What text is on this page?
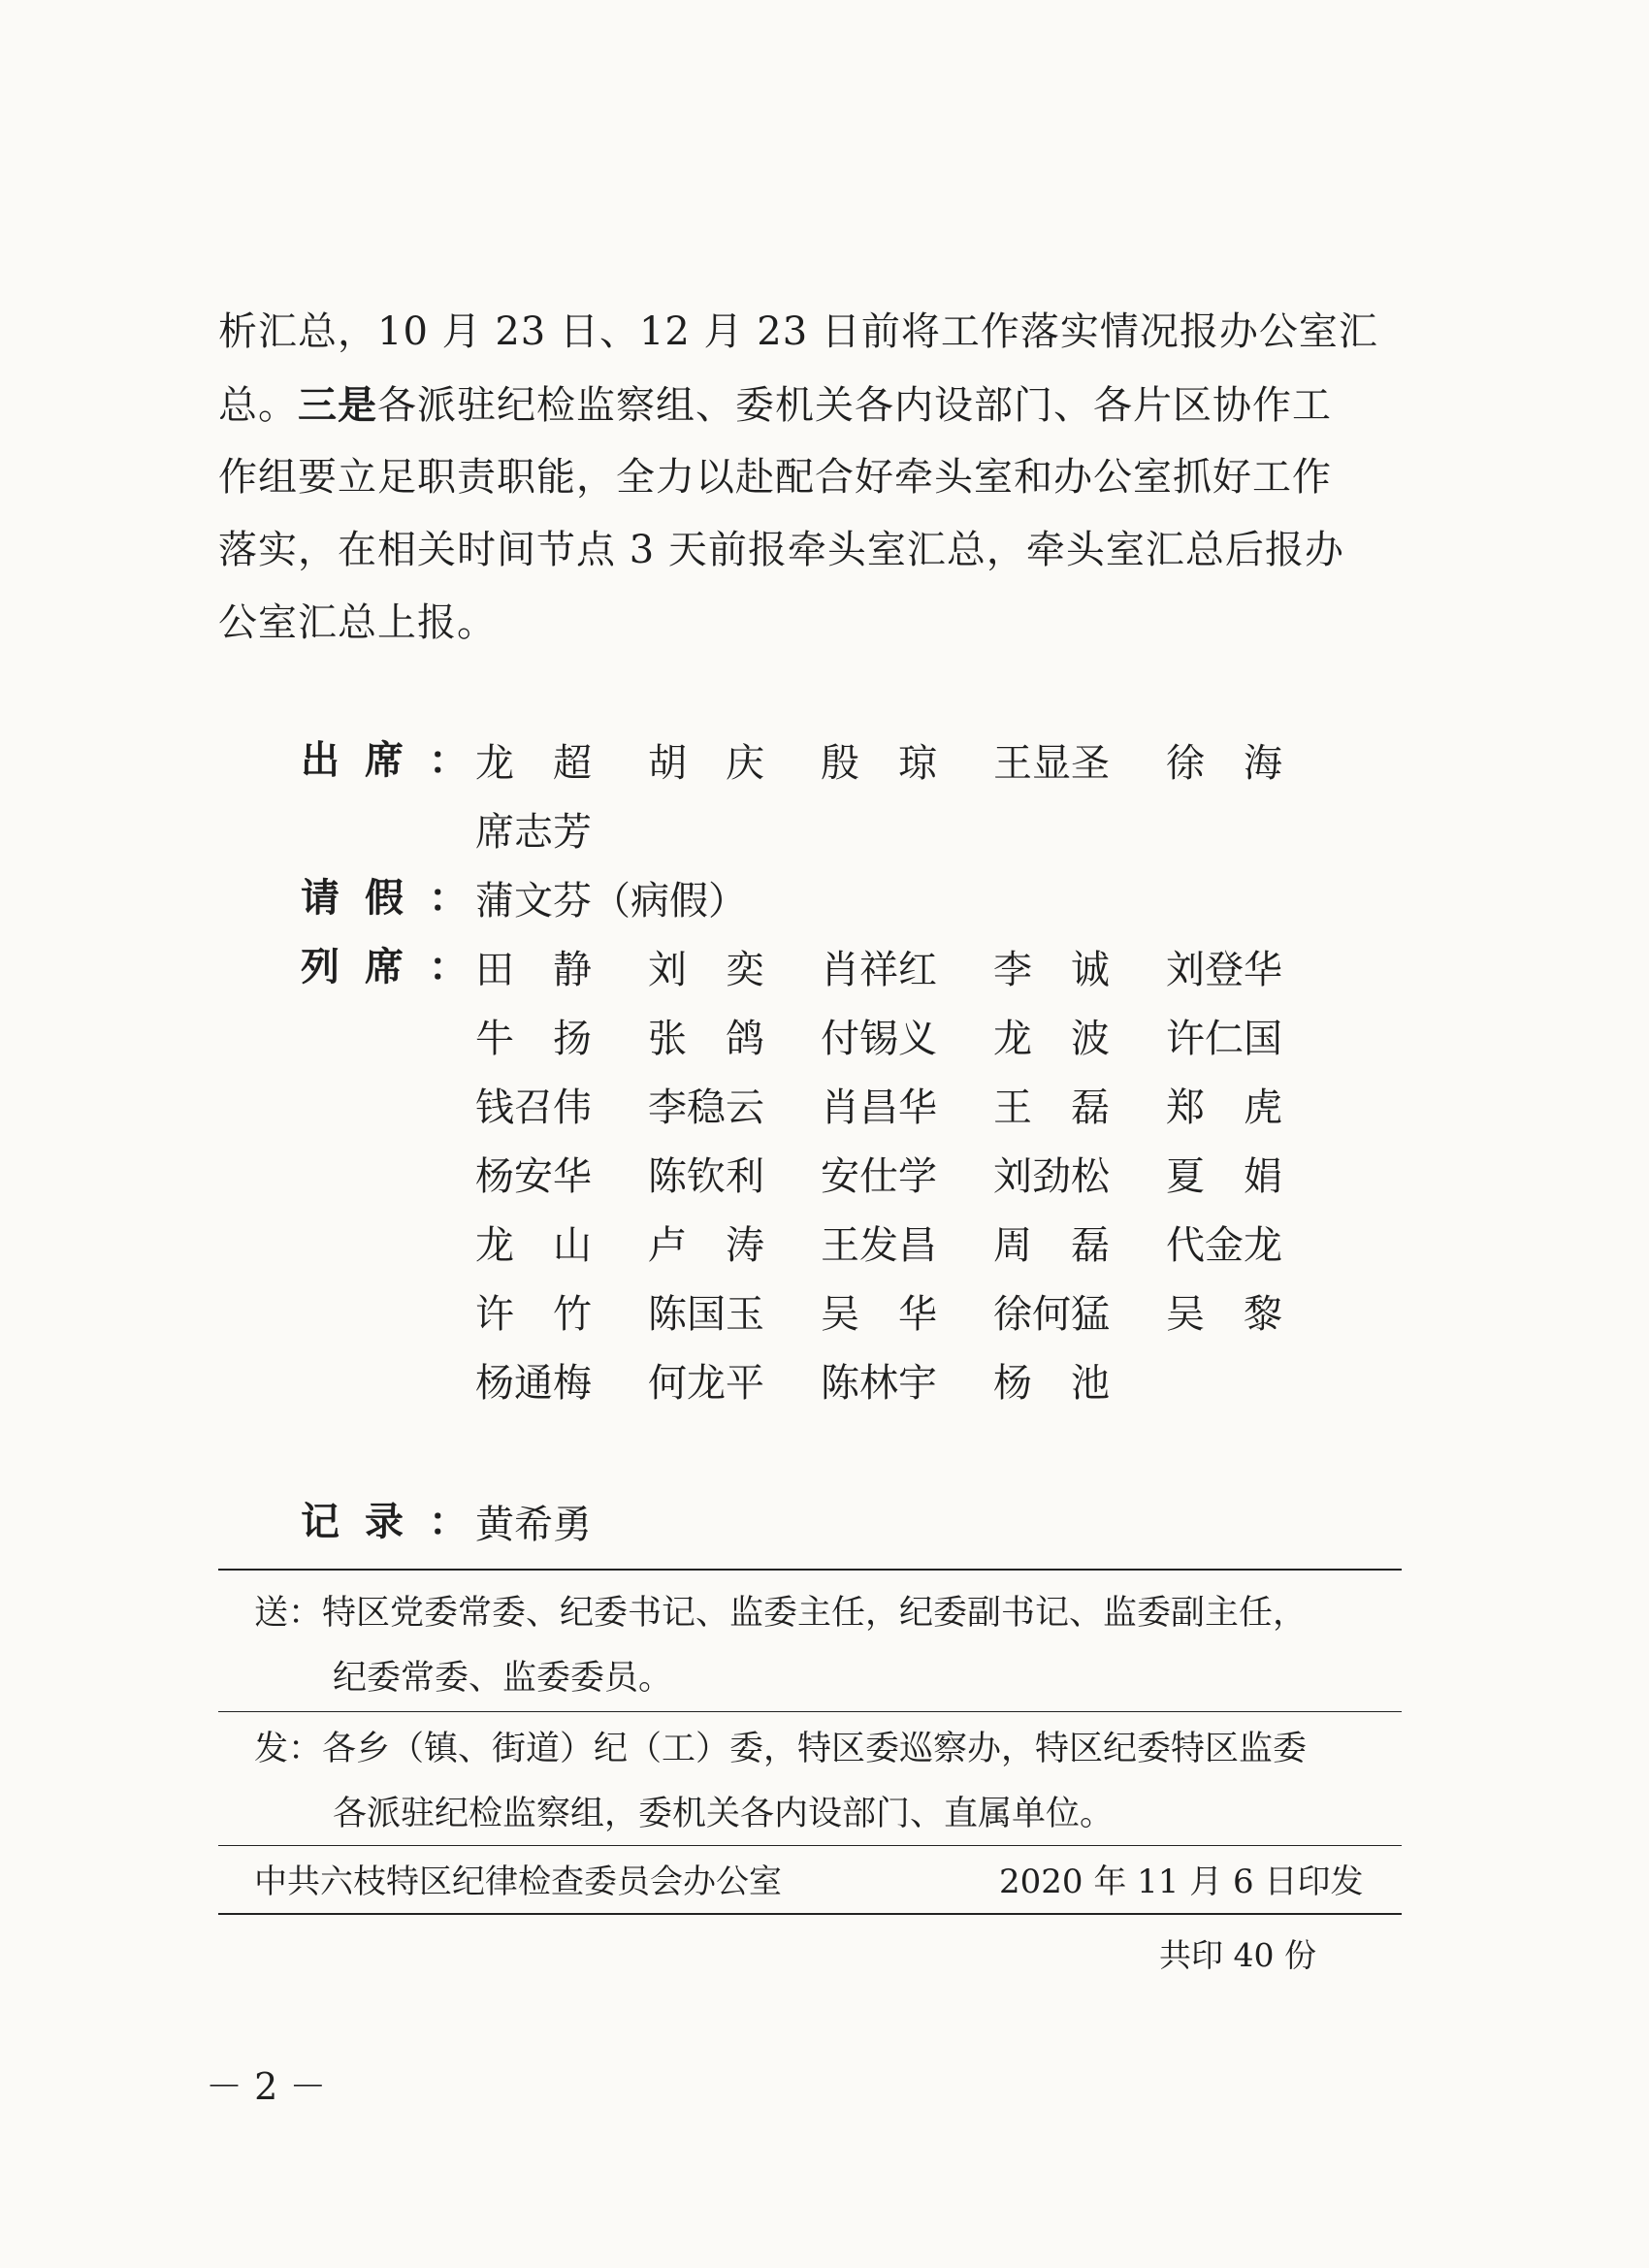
析汇总，10 月 23 日、12 月 23 日前将工作落实情况报办公室汇
总。三是各派驻纪检监察组、委机关各内设部门、各片区协作工
作组要立足职责职能，全力以赴配合好牵头室和办公室抓好工作
落实，在相关时间节点 3 天前报牵头室汇总，牵头室汇总后报办
公室汇总上报。
出席：
龙　超 胡　庆 殷　琼 王显圣 徐　海
席志芳
请假：
蒲文芬（病假）
列席：
田　静 刘　奕 肖祥红 李　诚 刘登华
牛　扬 张　鸽 付锡义 龙　波 许仁国
钱召伟 李稳云 肖昌华 王　磊 郑　虎
杨安华 陈钦利 安仕学 刘劲松 夏　娟
龙　山 卢　涛 王发昌 周　磊 代金龙
许　竹 陈国玉 吴　华 徐何猛 吴　黎
杨通梅 何龙平 陈林宇 杨　池
记录：
黄希勇
送：特区党委常委、纪委书记、监委主任，纪委副书记、监委副主任，
纪委常委、监委委员。
发：各乡（镇、街道）纪（工）委，特区委巡察办，特区纪委特区监委
各派驻纪检监察组，委机关各内设部门、直属单位。
中共六枝特区纪律检查委员会办公室	2020 年 11 月 6 日印发
共印 40 份
－ 2 －
